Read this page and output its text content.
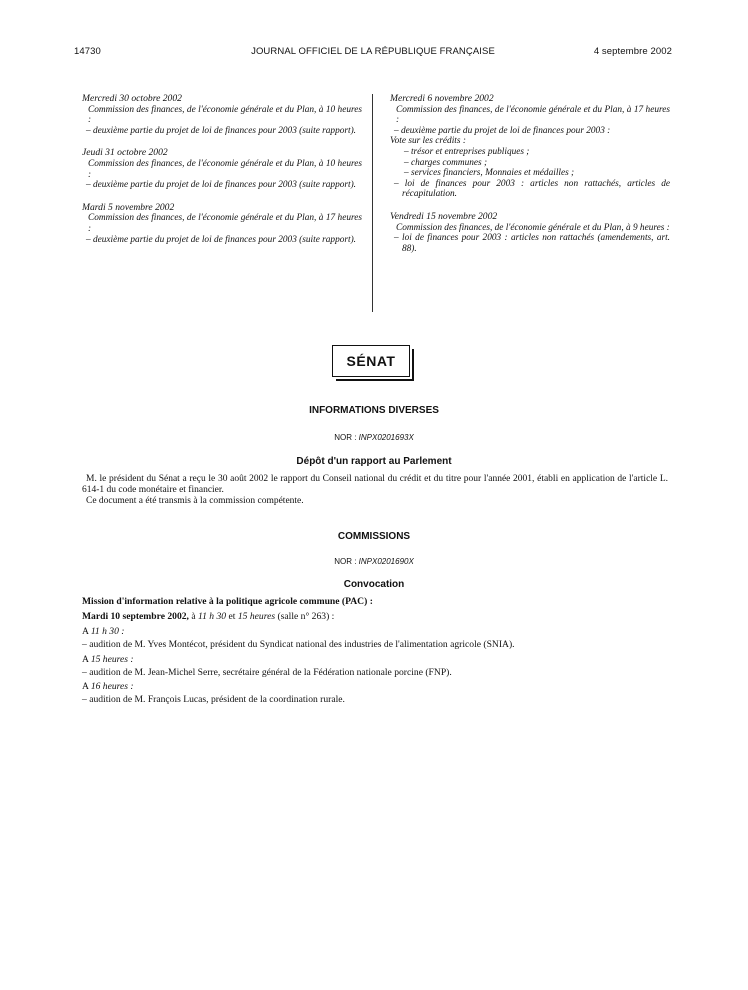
14730	JOURNAL OFFICIEL DE LA RÉPUBLIQUE FRANÇAISE	4 septembre 2002

Mercredi 30 octobre 2002

Commission des finances, de l'économie générale et du Plan, à 10 heures :

– deuxième partie du projet de loi de finances pour 2003 (suite rapport).

Jeudi 31 octobre 2002

Commission des finances, de l'économie générale et du Plan, à 10 heures :

– deuxième partie du projet de loi de finances pour 2003 (suite rapport).

Mardi 5 novembre 2002

Commission des finances, de l'économie générale et du Plan, à 17 heures :

– deuxième partie du projet de loi de finances pour 2003 (suite rapport).

Mercredi 6 novembre 2002

Commission des finances, de l'économie générale et du Plan, à 17 heures :

– deuxième partie du projet de loi de finances pour 2003 :

Vote sur les crédits :

– trésor et entreprises publiques ;

– charges communes ;

– services financiers, Monnaies et médailles ;

– loi de finances pour 2003 : articles non rattachés, articles de récapitulation.

Vendredi 15 novembre 2002

Commission des finances, de l'économie générale et du Plan, à 9 heures :

– loi de finances pour 2003 : articles non rattachés (amendements, art. 88).

SÉNAT
INFORMATIONS DIVERSES
NOR : INPX0201693X
Dépôt d'un rapport au Parlement

M. le président du Sénat a reçu le 30 août 2002 le rapport du Conseil national du crédit et du titre pour l'année 2001, établi en application de l'article L. 614-1 du code monétaire et financier.

Ce document a été transmis à la commission compétente.

COMMISSIONS
NOR : INPX0201690X
Convocation

Mission d'information relative à la politique agricole commune (PAC) :

Mardi 10 septembre 2002, à 11 h 30 et 15 heures (salle n° 263) :

A 11 h 30 :

– audition de M. Yves Montécot, président du Syndicat national des industries de l'alimentation agricole (SNIA).

A 15 heures :

– audition de M. Jean-Michel Serre, secrétaire général de la Fédération nationale porcine (FNP).

A 16 heures :

– audition de M. François Lucas, président de la coordination rurale.
